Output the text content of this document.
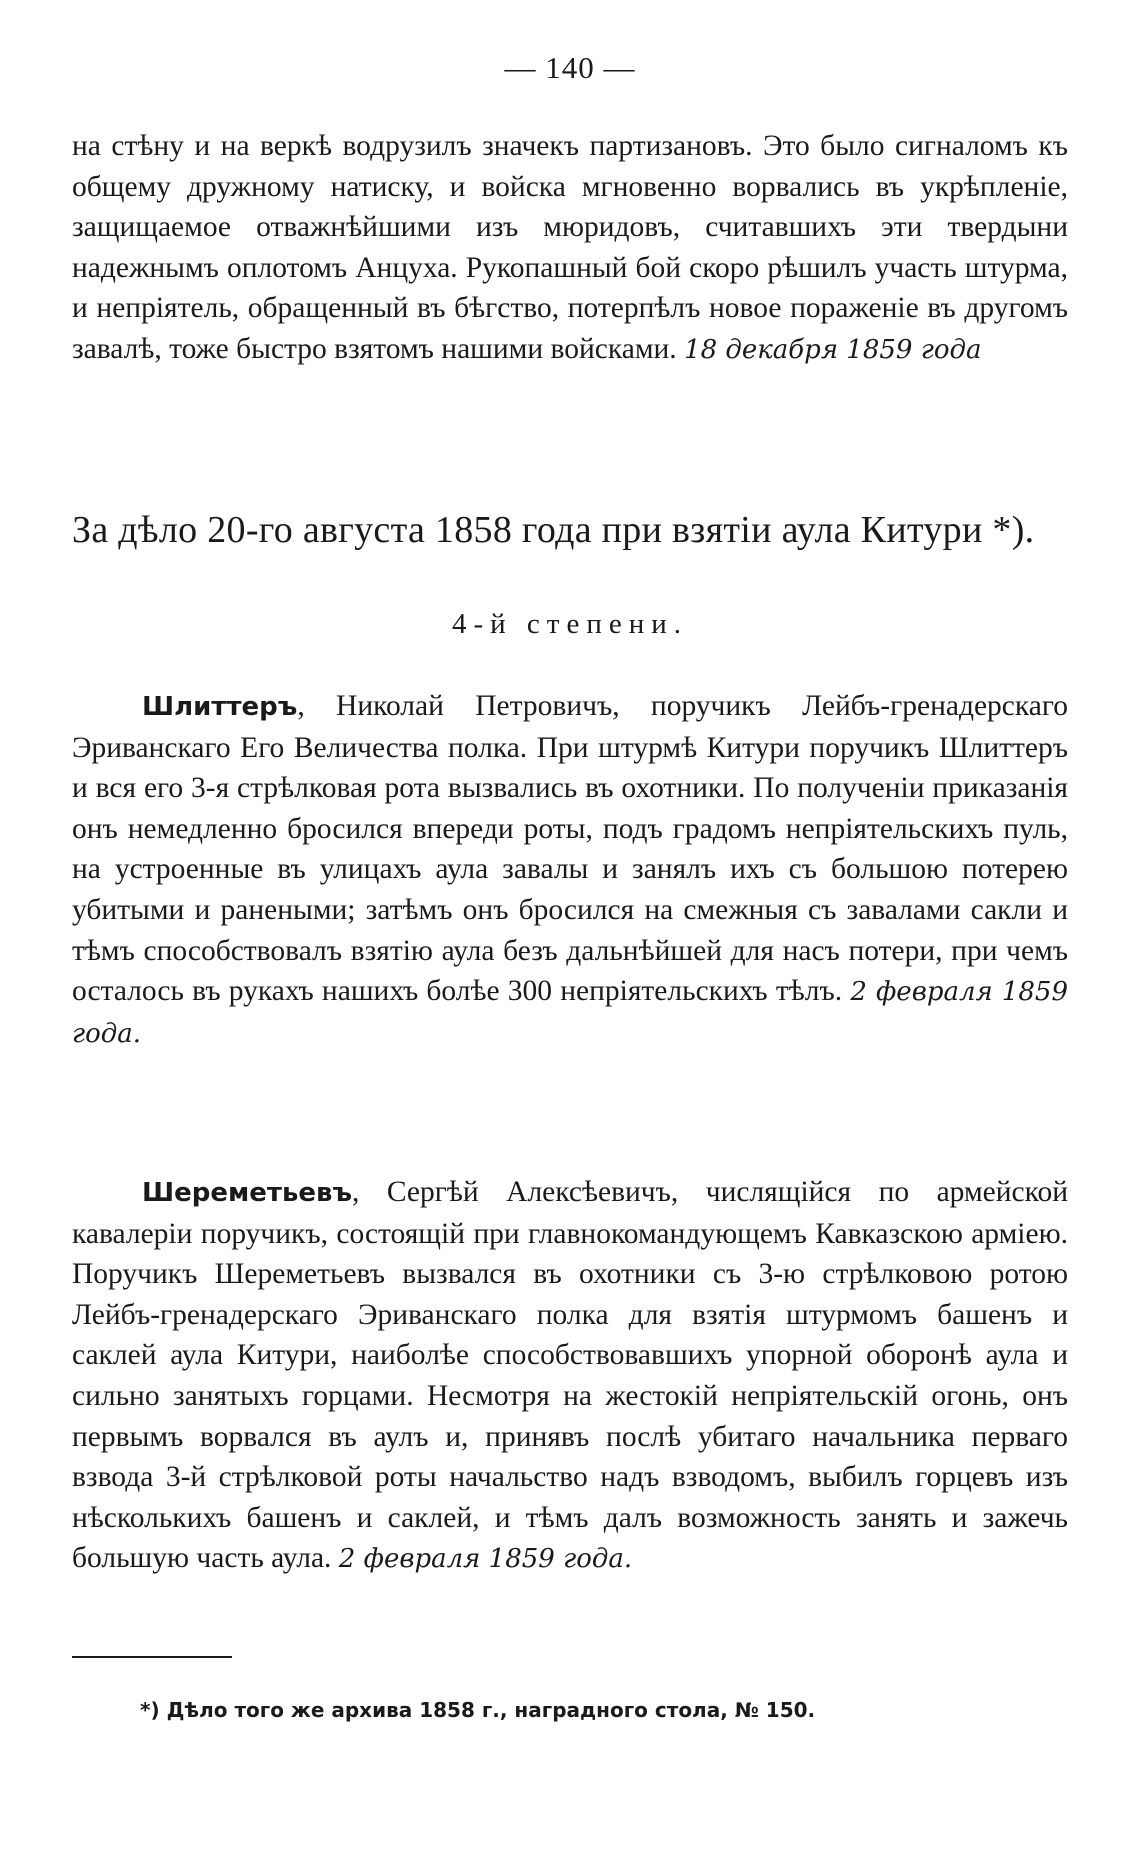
— 140 —

на стѣну и на веркѣ водрузилъ значекъ партизановъ. Это было сигналомъ къ общему дружному натиску, и войска мгновенно ворвались въ укрѣпленіе, защищаемое отважнѣйшими изъ мюридовъ, считавшихъ эти твердыни надежнымъ оплотомъ Анцуха. Рукопашный бой скоро рѣшилъ участь штурма, и непріятель, обращенный въ бѣгство, потерпѣлъ новое пораженіе въ другомъ завалѣ, тоже быстро взятомъ нашими войсками. 18 декабря 1859 года

За дѣло 20-го августа 1858 года при взятіи аула Китури *).
4-й степени.

Шлиттеръ, Николай Петровичъ, поручикъ Лейбъ-гренадерскаго Эриванскаго Его Величества полка. При штурмѣ Китури поручикъ Шлиттеръ и вся его 3-я стрѣлковая рота вызвались въ охотники. По полученіи приказанія онъ немедленно бросился впереди роты, подъ градомъ непріятельскихъ пуль, на устроенные въ улицахъ аула завалы и занялъ ихъ съ большою потерею убитыми и ранеными; затѣмъ онъ бросился на смежныя съ завалами сакли и тѣмъ способствовалъ взятію аула безъ дальнѣйшей для насъ потери, при чемъ осталось въ рукахъ нашихъ болѣе 300 непріятельскихъ тѣлъ. 2 февраля 1859 года.

Шереметьевъ, Сергѣй Алексѣевичъ, числящійся по армейской кавалеріи поручикъ, состоящій при главнокомандующемъ Кавказскою арміею. Поручикъ Шереметьевъ вызвался въ охотники съ 3-ю стрѣлковою ротою Лейбъ-гренадерскаго Эриванскаго полка для взятія штурмомъ башенъ и саклей аула Китури, наиболѣе способствовавшихъ упорной оборонѣ аула и сильно занятыхъ горцами. Несмотря на жестокій непріятельскій огонь, онъ первымъ ворвался въ аулъ и, принявъ послѣ убитаго начальника перваго взвода 3-й стрѣлковой роты начальство надъ взводомъ, выбилъ горцевъ изъ нѣсколькихъ башенъ и саклей, и тѣмъ далъ возможность занять и зажечь большую часть аула. 2 февраля 1859 года.

*) Дѣло того же архива 1858 г., наградного стола, № 150.
